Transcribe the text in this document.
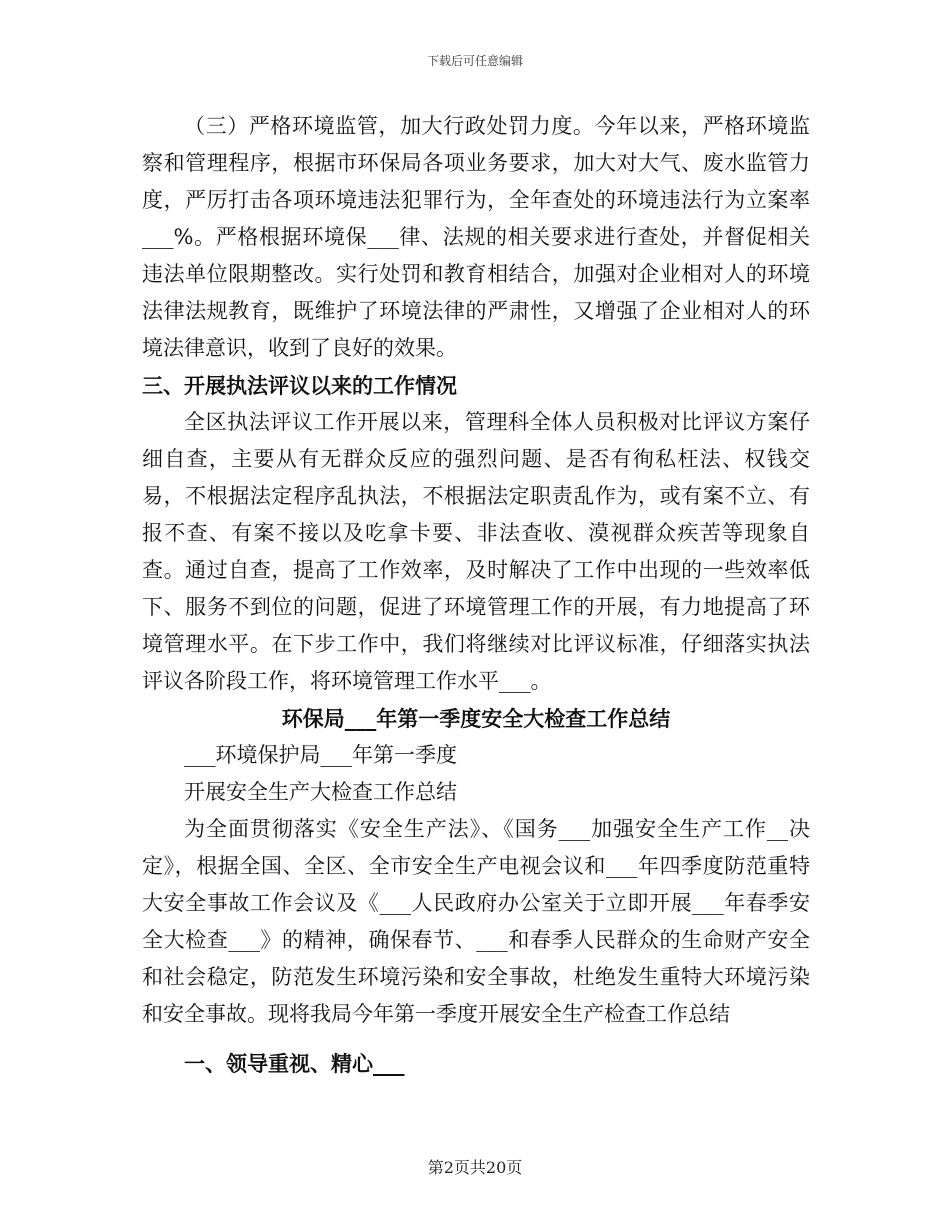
下载后可任意编辑

（三）严格环境监管，加大行政处罚力度。今年以来，严格环境监察和管理程序，根据市环保局各项业务要求，加大对大气、废水监管力度，严厉打击各项环境违法犯罪行为，全年查处的环境违法行为立案率___%。严格根据环境保___律、法规的相关要求进行查处，并督促相关违法单位限期整改。实行处罚和教育相结合，加强对企业相对人的环境法律法规教育，既维护了环境法律的严肃性，又增强了企业相对人的环境法律意识，收到了良好的效果。

三、开展执法评议以来的工作情况

全区执法评议工作开展以来，管理科全体人员积极对比评议方案仔细自查，主要从有无群众反应的强烈问题、是否有徇私枉法、权钱交易，不根据法定程序乱执法，不根据法定职责乱作为，或有案不立、有报不查、有案不接以及吃拿卡要、非法查收、漠视群众疾苦等现象自查。通过自查，提高了工作效率，及时解决了工作中出现的一些效率低下、服务不到位的问题，促进了环境管理工作的开展，有力地提高了环境管理水平。在下步工作中，我们将继续对比评议标准，仔细落实执法评议各阶段工作，将环境管理工作水平___。

环保局___年第一季度安全大检查工作总结

___环境保护局___年第一季度

开展安全生产大检查工作总结

为全面贯彻落实《安全生产法》、《国务___加强安全生产工作__决定》，根据全国、全区、全市安全生产电视会议和___年四季度防范重特大安全事故工作会议及《___人民政府办公室关于立即开展___年春季安全大检查___》的精神，确保春节、___和春季人民群众的生命财产安全和社会稳定，防范发生环境污染和安全事故，杜绝发生重特大环境污染和安全事故。现将我局今年第一季度开展安全生产检查工作总结

一、领导重视、精心___

第2页共20页
